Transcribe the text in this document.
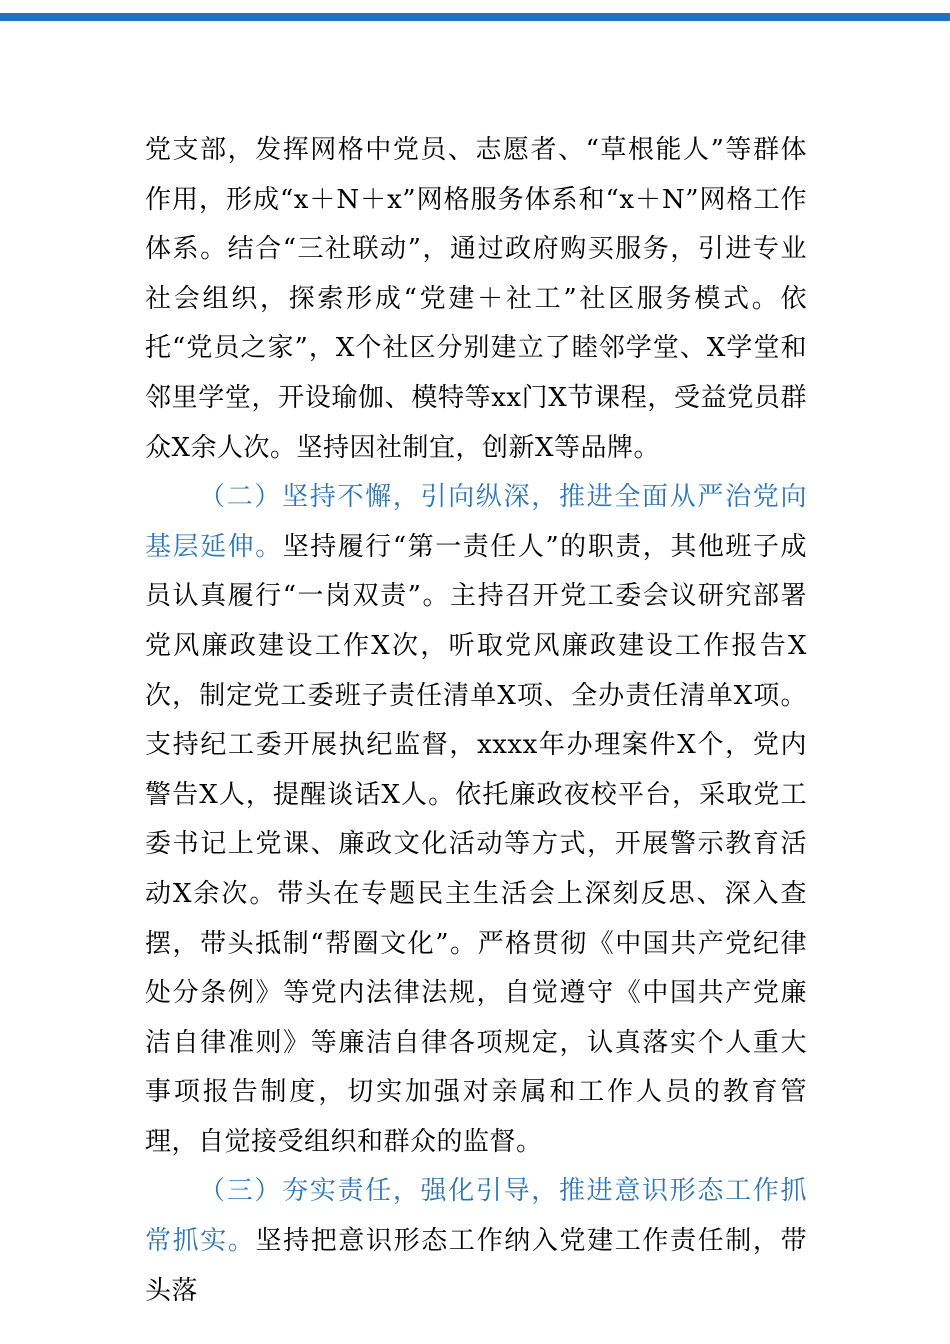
党支部，发挥网格中党员、志愿者、“草根能人”等群体作用，形成“x＋N＋x”网格服务体系和“x＋N”网格工作体系。结合“三社联动”，通过政府购买服务，引进专业社会组织，探索形成“党建＋社工”社区服务模式。依托“党员之家”，X个社区分别建立了睦邻学堂、X学堂和邻里学堂，开设瑜伽、模特等xx门X节课程，受益党员群众X余人次。坚持因社制宜，创新X等品牌。

（二）坚持不懈，引向纵深，推进全面从严治党向基层延伸。坚持履行“第一责任人”的职责，其他班子成员认真履行“一岗双责”。主持召开党工委会议研究部署党风廉政建设工作X次，听取党风廉政建设工作报告X次，制定党工委班子责任清单X项、全办责任清单X项。支持纪工委开展执纪监督，xxxx年办理案件X个，党内警告X人，提醒谈话X人。依托廉政夜校平台，采取党工委书记上党课、廉政文化活动等方式，开展警示教育活动X余次。带头在专题民主生活会上深刻反思、深入查摆，带头抵制“帮圈文化”。严格贯彻《中国共产党纪律处分条例》等党内法律法规，自觉遵守《中国共产党廉洁自律准则》等廉洁自律各项规定，认真落实个人重大事项报告制度，切实加强对亲属和工作人员的教育管理，自觉接受组织和群众的监督。

（三）夯实责任，强化引导，推进意识形态工作抓常抓实。坚持把意识形态工作纳入党建工作责任制，带头落
